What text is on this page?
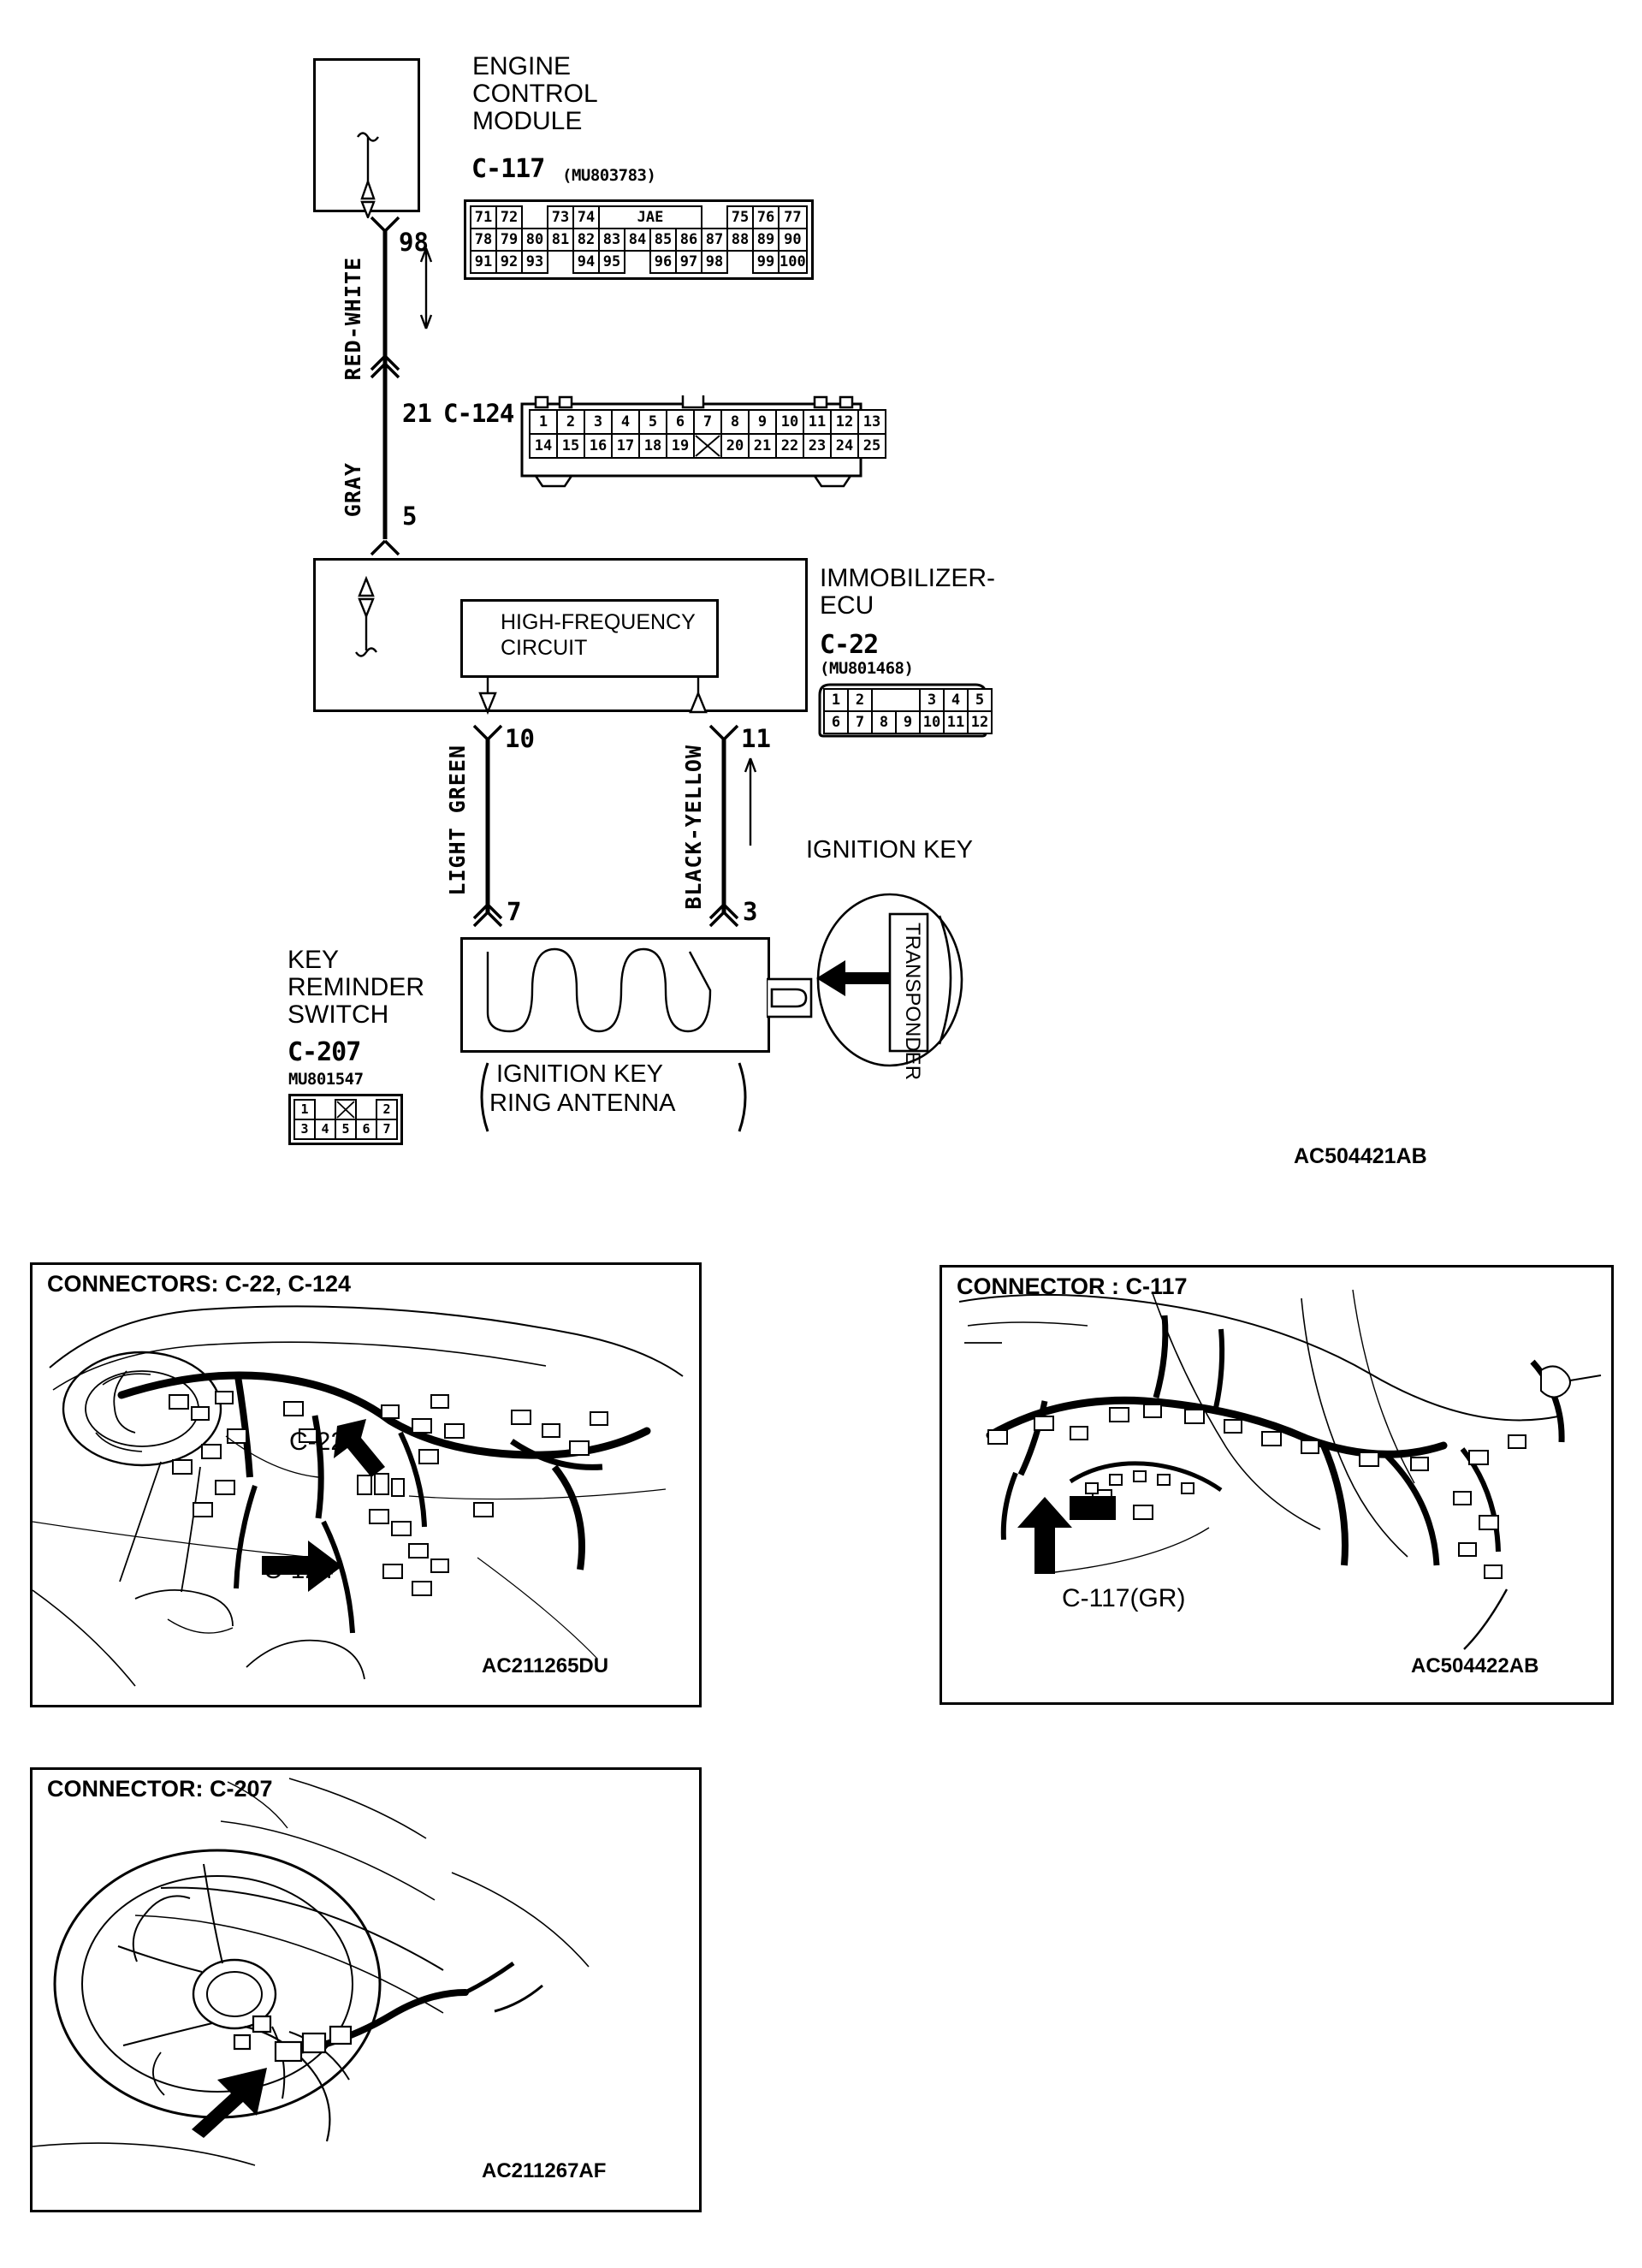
ENGINE
CONTROL
MODULE
C-117 (MU803783)
71	72		73	74	JAE					75	76	77
78	79	80	81	82	83	84	85	86	87	88	89	90
91	92	93		94	95		96	97	98		99	100
98
RED-WHITE
21 C-124
GRAY 5
1	2	3	4	5	6	7	8	9	10	11	12	13
14	15	16	17	18	19		20	21	22	23	24	25
HIGH-FREQUENCY
CIRCUIT
IMMOBILIZER-
ECU
C-22
(MU801468)
1	2			3	4	5
6	7	8	9	10	11	12
10
LIGHT GREEN
7
11
BLACK-YELLOW
3
TRANSPONDER
IGNITION KEY
KEY
REMINDER
SWITCH
C-207
MU801547
1				2
3	4	5	6	7
IGNITION KEY
RING ANTENNA
AC504421AB
C-22
C-124
AC211265DU
CONNECTORS: C-22, C-124
C-117(GR)
AC504422AB
CONNECTOR : C-117
AC211267AF
CONNECTOR: C-207
